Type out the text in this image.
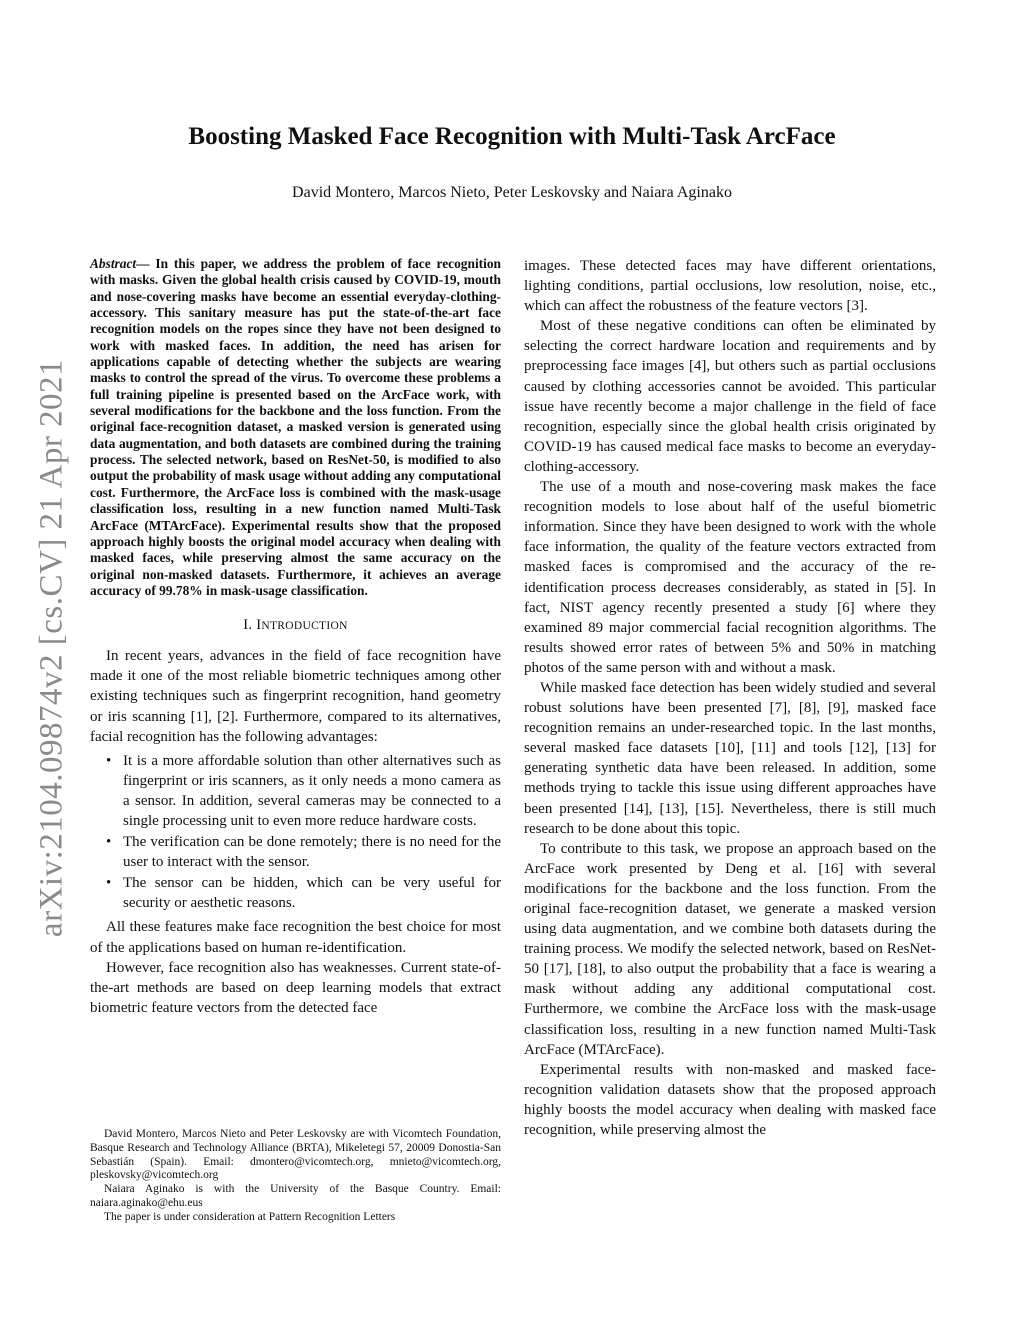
arXiv:2104.09874v2 [cs.CV] 21 Apr 2021
Boosting Masked Face Recognition with Multi-Task ArcFace
David Montero, Marcos Nieto, Peter Leskovsky and Naiara Aginako

Abstract— In this paper, we address the problem of face recognition with masks. Given the global health crisis caused by COVID-19, mouth and nose-covering masks have become an essential everyday-clothing-accessory. This sanitary measure has put the state-of-the-art face recognition models on the ropes since they have not been designed to work with masked faces. In addition, the need has arisen for applications capable of detecting whether the subjects are wearing masks to control the spread of the virus. To overcome these problems a full training pipeline is presented based on the ArcFace work, with several modifications for the backbone and the loss function. From the original face-recognition dataset, a masked version is generated using data augmentation, and both datasets are combined during the training process. The selected network, based on ResNet-50, is modified to also output the probability of mask usage without adding any computational cost. Furthermore, the ArcFace loss is combined with the mask-usage classification loss, resulting in a new function named Multi-Task ArcFace (MTArcFace). Experimental results show that the proposed approach highly boosts the original model accuracy when dealing with masked faces, while preserving almost the same accuracy on the original non-masked datasets. Furthermore, it achieves an average accuracy of 99.78% in mask-usage classification.

I. INTRODUCTION

In recent years, advances in the field of face recognition have made it one of the most reliable biometric techniques among other existing techniques such as fingerprint recognition, hand geometry or iris scanning [1], [2]. Furthermore, compared to its alternatives, facial recognition has the following advantages:

• It is a more affordable solution than other alternatives such as fingerprint or iris scanners, as it only needs a mono camera as a sensor. In addition, several cameras may be connected to a single processing unit to even more reduce hardware costs.
• The verification can be done remotely; there is no need for the user to interact with the sensor.
• The sensor can be hidden, which can be very useful for security or aesthetic reasons.

All these features make face recognition the best choice for most of the applications based on human re-identification.

However, face recognition also has weaknesses. Current state-of-the-art methods are based on deep learning models that extract biometric feature vectors from the detected face

David Montero, Marcos Nieto and Peter Leskovsky are with Vicomtech Foundation, Basque Research and Technology Alliance (BRTA), Mikeletegi 57, 20009 Donostia-San Sebastián (Spain). Email: dmontero@vicomtech.org, mnieto@vicomtech.org, pleskovsky@vicomtech.org

Naiara Aginako is with the University of the Basque Country. Email: naiara.aginako@ehu.eus

The paper is under consideration at Pattern Recognition Letters

images. These detected faces may have different orientations, lighting conditions, partial occlusions, low resolution, noise, etc., which can affect the robustness of the feature vectors [3].

Most of these negative conditions can often be eliminated by selecting the correct hardware location and requirements and by preprocessing face images [4], but others such as partial occlusions caused by clothing accessories cannot be avoided. This particular issue have recently become a major challenge in the field of face recognition, especially since the global health crisis originated by COVID-19 has caused medical face masks to become an everyday-clothing-accessory.

The use of a mouth and nose-covering mask makes the face recognition models to lose about half of the useful biometric information. Since they have been designed to work with the whole face information, the quality of the feature vectors extracted from masked faces is compromised and the accuracy of the re-identification process decreases considerably, as stated in [5]. In fact, NIST agency recently presented a study [6] where they examined 89 major commercial facial recognition algorithms. The results showed error rates of between 5% and 50% in matching photos of the same person with and without a mask.

While masked face detection has been widely studied and several robust solutions have been presented [7], [8], [9], masked face recognition remains an under-researched topic. In the last months, several masked face datasets [10], [11] and tools [12], [13] for generating synthetic data have been released. In addition, some methods trying to tackle this issue using different approaches have been presented [14], [13], [15]. Nevertheless, there is still much research to be done about this topic.

To contribute to this task, we propose an approach based on the ArcFace work presented by Deng et al. [16] with several modifications for the backbone and the loss function. From the original face-recognition dataset, we generate a masked version using data augmentation, and we combine both datasets during the training process. We modify the selected network, based on ResNet-50 [17], [18], to also output the probability that a face is wearing a mask without adding any additional computational cost. Furthermore, we combine the ArcFace loss with the mask-usage classification loss, resulting in a new function named Multi-Task ArcFace (MTArcFace).

Experimental results with non-masked and masked face-recognition validation datasets show that the proposed approach highly boosts the model accuracy when dealing with masked face recognition, while preserving almost the
